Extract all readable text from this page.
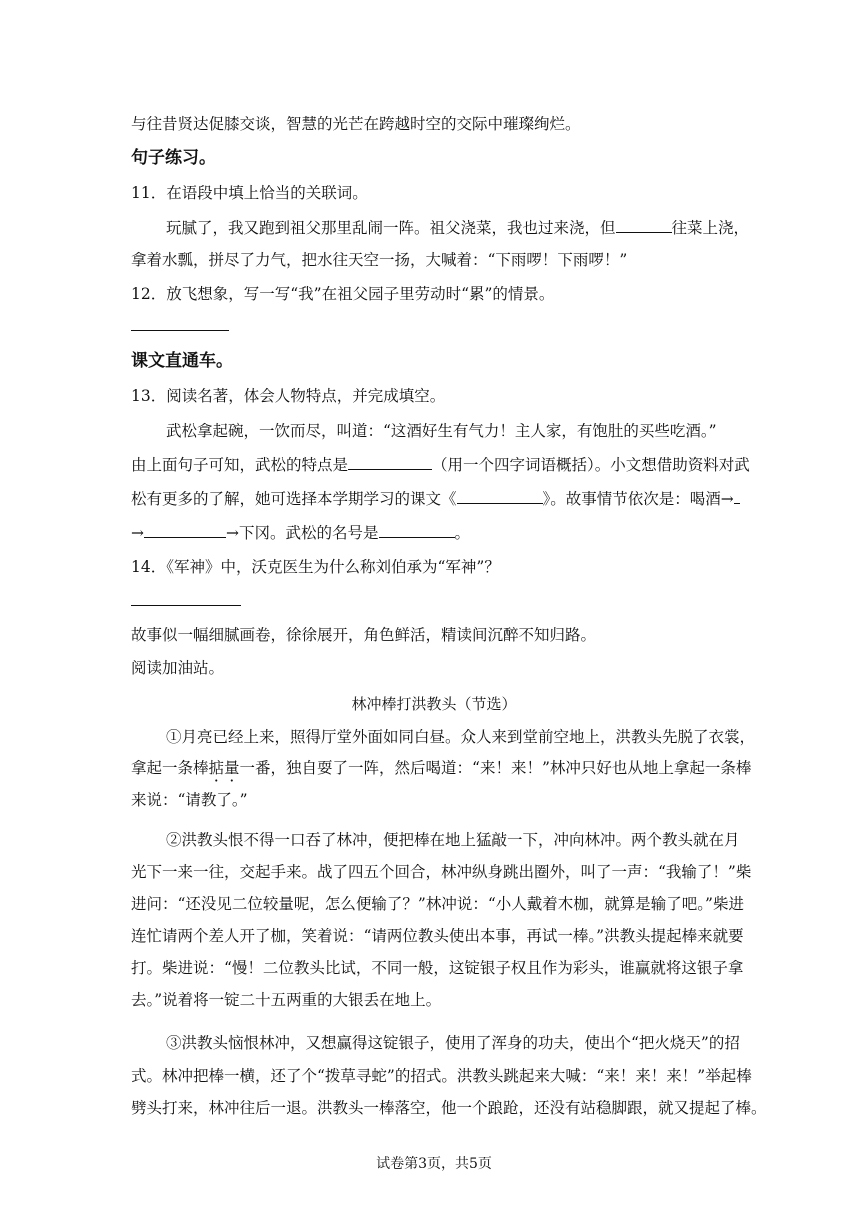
与往昔贤达促膝交谈，智慧的光芒在跨越时空的交际中璀璨绚烂。
句子练习。
11．在语段中填上恰当的关联词。
玩腻了，我又跑到祖父那里乱闹一阵。祖父浇菜，我也过来浇，但	往菜上浇，
拿着水瓢，拼尽了力气，把水往天空一扬，大喊着：“下雨啰！下雨啰！”
12．放飞想象，写一写“我”在祖父园子里劳动时“累”的情景。
课文直通车。
13．阅读名著，体会人物特点，并完成填空。
武松拿起碗，一饮而尽，叫道：“这酒好生有气力！主人家，有饱肚的买些吃酒。”
由上面句子可知，武松的特点是	（用一个四字词语概括）。小文想借助资料对武
松有更多的了解，她可选择本学期学习的课文《	》。故事情节依次是：喝酒→
→	→下冈。武松的名号是	。
14．《军神》中，沃克医生为什么称刘伯承为“军神”？
故事似一幅细腻画卷，徐徐展开，角色鲜活，精读间沉醉不知归路。
阅读加油站。
林冲棒打洪教头（节选）
①月亮已经上来，照得厅堂外面如同白昼。众人来到堂前空地上，洪教头先脱了衣裳，
拿起一条棒掂量一番，独自耍了一阵，然后喝道：“来！来！”林冲只好也从地上拿起一条棒
来说：“请教了。”
②洪教头恨不得一口吞了林冲，便把棒在地上猛敲一下，冲向林冲。两个教头就在月
光下一来一往，交起手来。战了四五个回合，林冲纵身跳出圈外，叫了一声：“我输了！”柴
进问：“还没见二位较量呢，怎么便输了？”林冲说：“小人戴着木枷，就算是输了吧。”柴进
连忙请两个差人开了枷，笑着说：“请两位教头使出本事，再试一棒。”洪教头提起棒来就要
打。柴进说：“慢！二位教头比试，不同一般，这锭银子权且作为彩头，谁赢就将这银子拿
去。”说着将一锭二十五两重的大银丢在地上。
③洪教头恼恨林冲，又想赢得这锭银子，使用了浑身的功夫，使出个“把火烧天”的招
式。林冲把棒一横，还了个“拨草寻蛇”的招式。洪教头跳起来大喊：“来！来！来！”举起棒
劈头打来，林冲往后一退。洪教头一棒落空，他一个踉跄，还没有站稳脚跟，就又提起了棒。
试卷第3页，共5页
